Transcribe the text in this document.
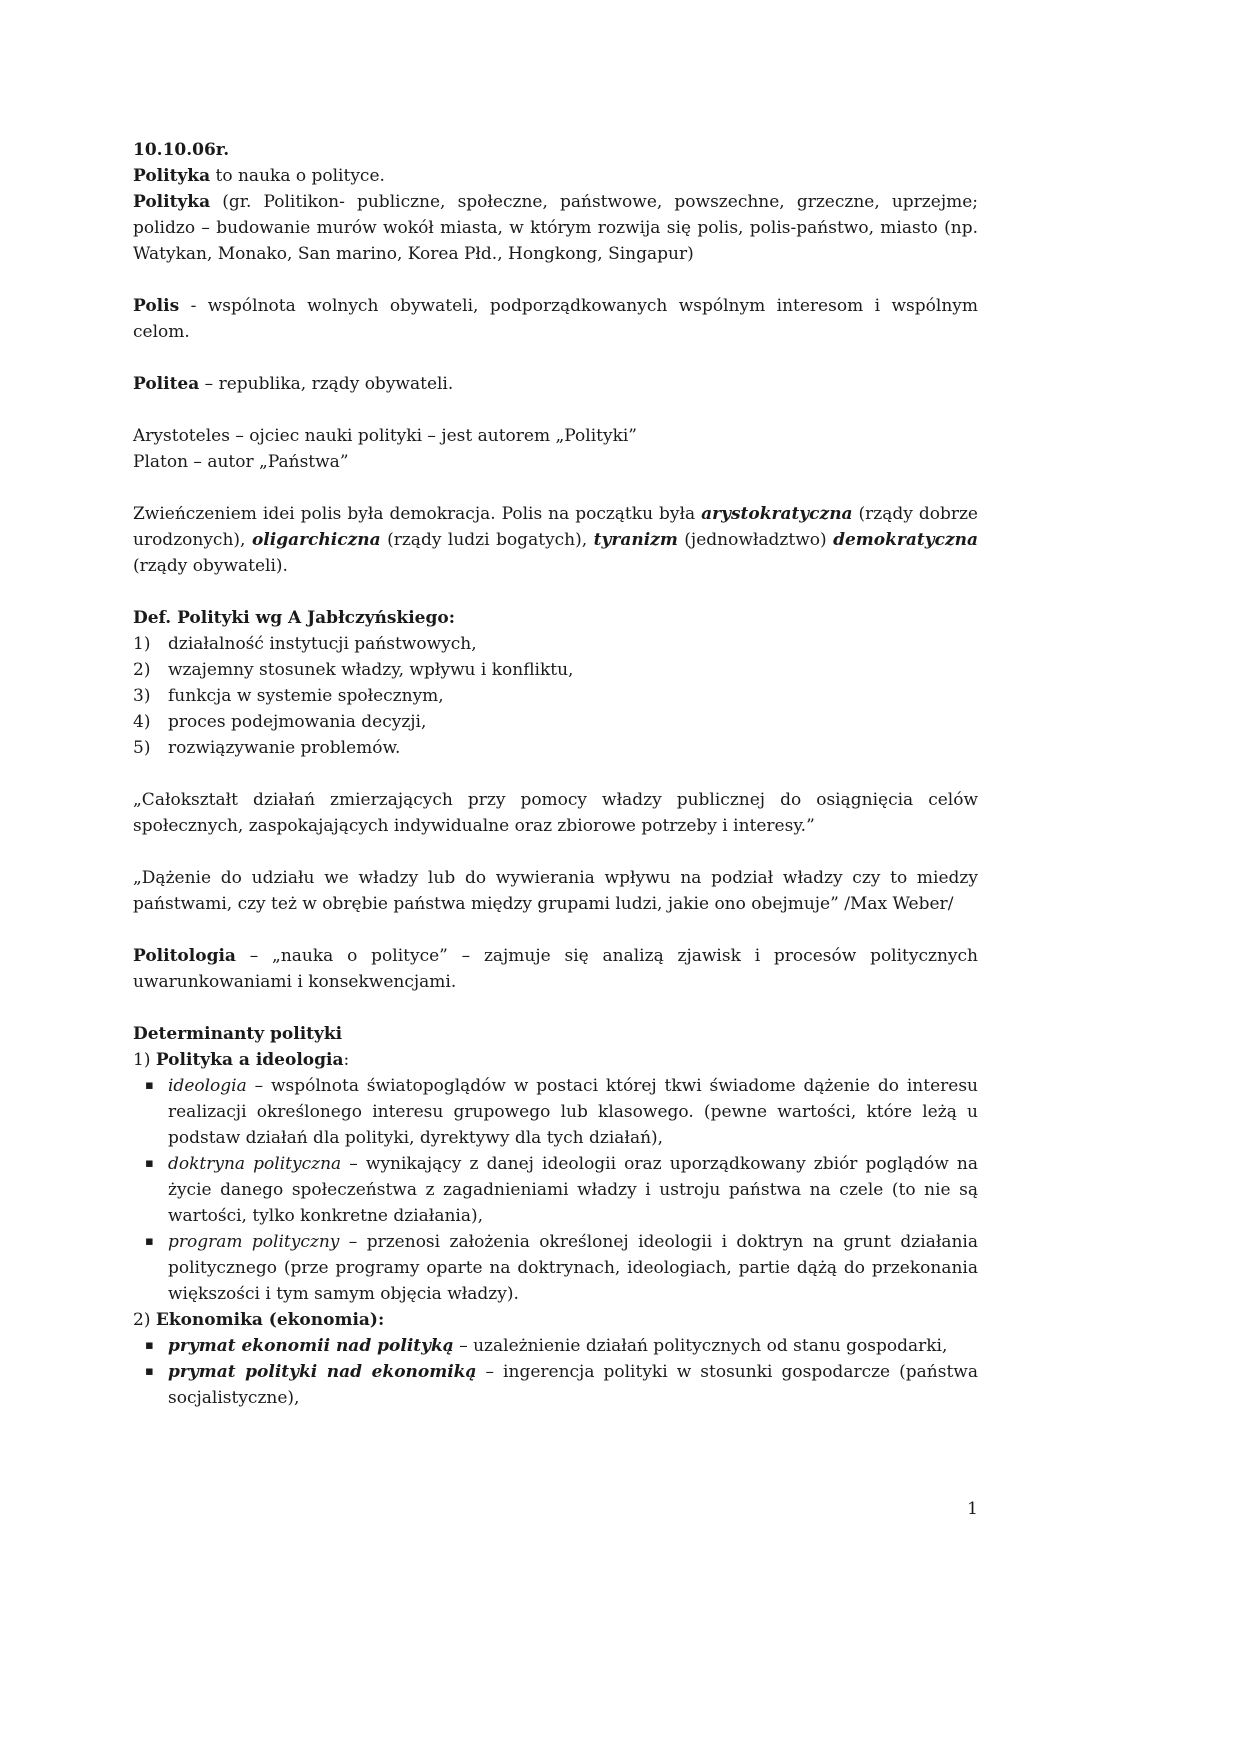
10.10.06r.

Polityka to nauka o polityce.

Polityka (gr. Politikon- publiczne, społeczne, państwowe, powszechne, grzeczne, uprzejme; polidzo – budowanie murów wokół miasta, w którym rozwija się polis, polis-państwo, miasto (np. Watykan, Monako, San marino, Korea Płd., Hongkong, Singapur)

Polis - wspólnota wolnych obywateli, podporządkowanych wspólnym interesom i wspólnym celom.

Politea – republika, rządy obywateli.

Arystoteles – ojciec nauki polityki – jest autorem „Polityki”

Platon – autor „Państwa”

Zwieńczeniem idei polis była demokracja. Polis na początku była arystokratyczna (rządy dobrze urodzonych), oligarchiczna (rządy ludzi bogatych), tyranizm (jednowładztwo) demokratyczna (rządy obywateli).

Def. Polityki wg A Jabłczyńskiego:

1) działalność instytucji państwowych,

2) wzajemny stosunek władzy, wpływu i konfliktu,

3) funkcja w systemie społecznym,

4) proces podejmowania decyzji,

5) rozwiązywanie problemów.

„Całokształt działań zmierzających przy pomocy władzy publicznej do osiągnięcia celów społecznych, zaspokajających indywidualne oraz zbiorowe potrzeby i interesy.”

„Dążenie do udziału we władzy lub do wywierania wpływu na podział władzy czy to miedzy państwami, czy też w obrębie państwa między grupami ludzi, jakie ono obejmuje” /Max Weber/

Politologia – „nauka o polityce” – zajmuje się analizą zjawisk i procesów politycznych uwarunkowaniami i konsekwencjami.

Determinanty polityki

1) Polityka a ideologia:

▪ ideologia – wspólnota światopoglądów w postaci której tkwi świadome dążenie do interesu realizacji określonego interesu grupowego lub klasowego. (pewne wartości, które leżą u podstaw działań dla polityki, dyrektywy dla tych działań),

▪ doktryna polityczna – wynikający z danej ideologii oraz uporządkowany zbiór poglądów na życie danego społeczeństwa z zagadnieniami władzy i ustroju państwa na czele (to nie są wartości, tylko konkretne działania),

▪ program polityczny – przenosi założenia określonej ideologii i doktryn na grunt działania politycznego (prze programy oparte na doktrynach, ideologiach, partie dążą do przekonania większości i tym samym objęcia władzy).

2) Ekonomika (ekonomia):

▪ prymat ekonomii nad polityką – uzależnienie działań politycznych od stanu gospodarki,

▪ prymat polityki nad ekonomiką – ingerencja polityki w stosunki gospodarcze (państwa socjalistyczne),

1
